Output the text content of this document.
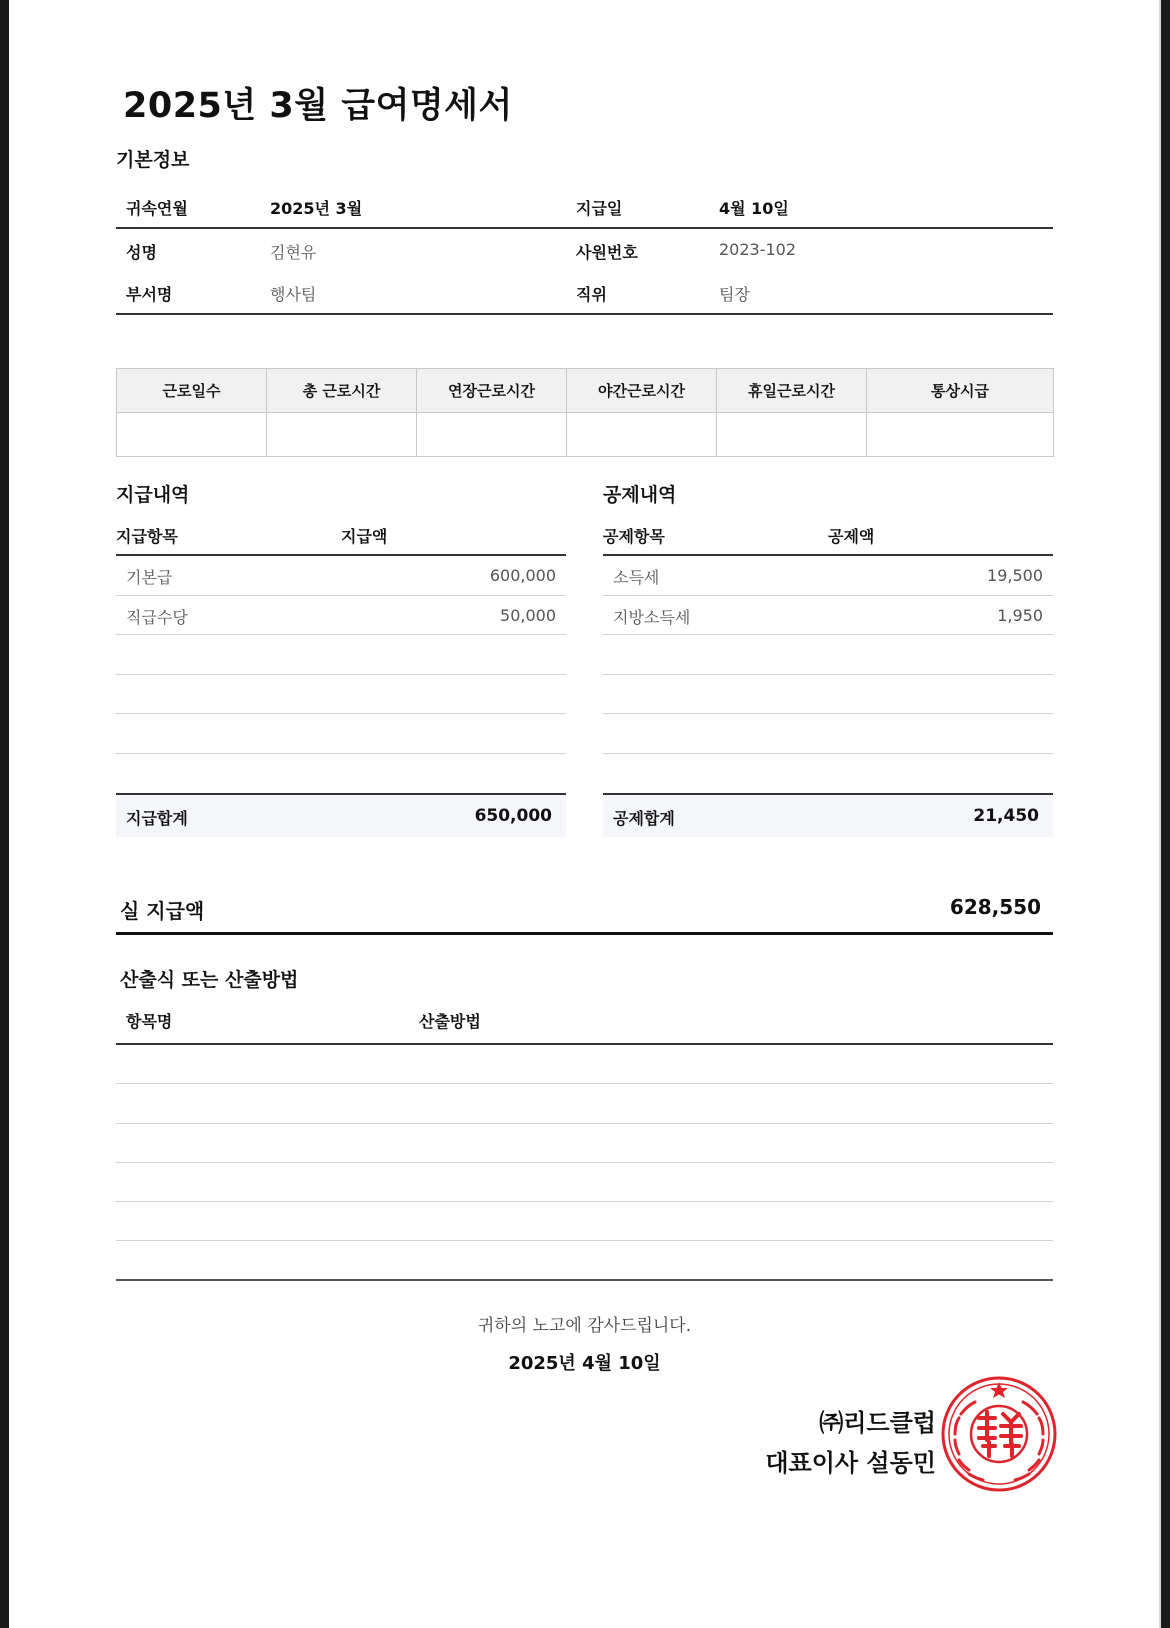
2025년 3월 급여명세서
기본정보
귀속연월	2025년 3월	지급일	4월 10일
성명	김현유	사원번호	2023-102
부서명	행사팀	직위	팀장
근로일수	총 근로시간	연장근로시간	야간근로시간	휴일근로시간	통상시급

지급내역
지급항목	지급액
기본급	600,000
직급수당	50,000
지급합계	650,000
공제내역
공제항목	공제액
소득세	19,500
지방소득세	1,950
공제합계	21,450
실 지급액	628,550
산출식 또는 산출방법
항목명	산출방법
귀하의 노고에 감사드립니다.
2025년 4월 10일
㈜리드클럽
대표이사 설동민
